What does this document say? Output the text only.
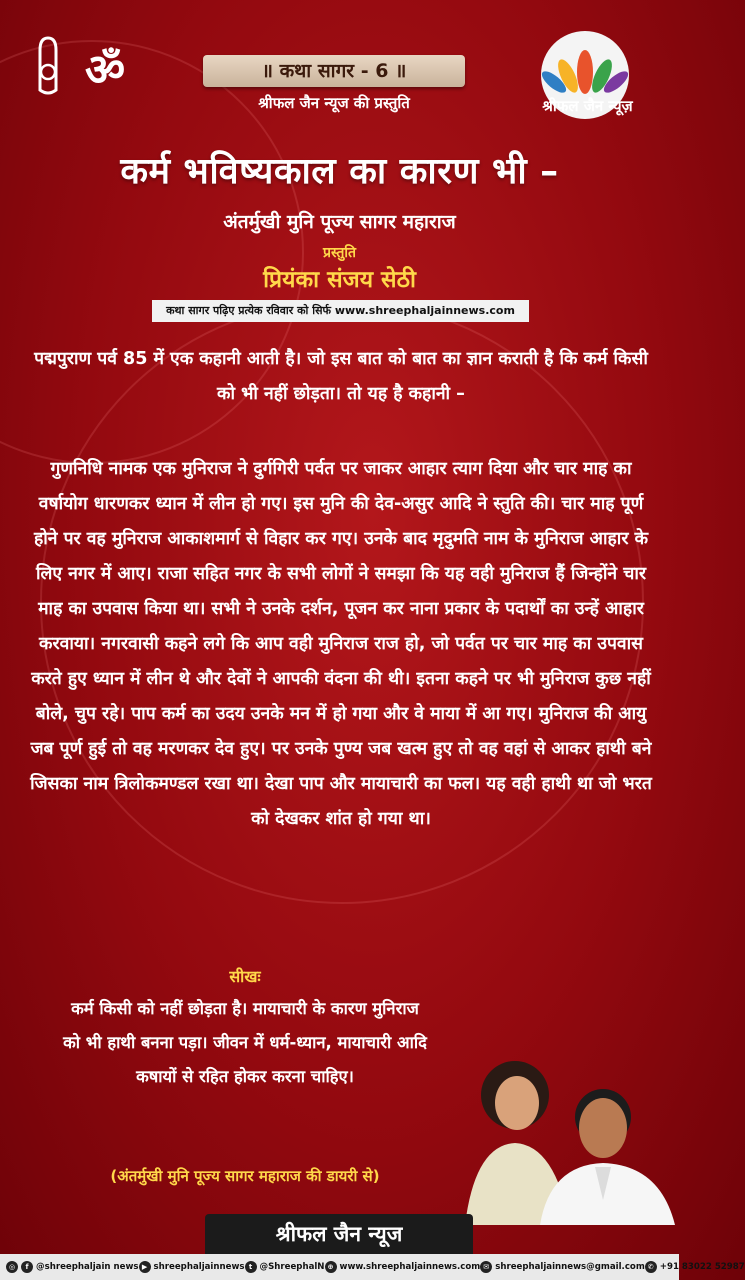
ॐ	॥ कथा सागर - 6 ॥
श्रीफल जैन न्यूज की प्रस्तुति	श्रीफल जैन न्यूज़
कर्म भविष्यकाल का कारण भी –
अंतर्मुखी मुनि पूज्य सागर महाराज
प्रस्तुति
प्रियंका संजय सेठी
कथा सागर पढ़िए प्रत्येक रविवार को सिर्फ www.shreephaljainnews.com
पद्मपुराण पर्व 85 में एक कहानी आती है। जो इस बात को बात का ज्ञान कराती है कि कर्म किसी को भी नहीं छोड़ता। तो यह है कहानी –
गुणनिधि नामक एक मुनिराज ने दुर्गगिरी पर्वत पर जाकर आहार त्याग दिया और चार माह का वर्षायोग धारणकर ध्यान में लीन हो गए। इस मुनि की देव-असुर आदि ने स्तुति की। चार माह पूर्ण होने पर वह मुनिराज आकाशमार्ग से विहार कर गए। उनके बाद मृदुमति नाम के मुनिराज आहार के लिए नगर में आए। राजा सहित नगर के सभी लोगों ने समझा कि यह वही मुनिराज हैं जिन्होंने चार माह का उपवास किया था। सभी ने उनके दर्शन, पूजन कर नाना प्रकार के पदार्थों का उन्हें आहार करवाया। नगरवासी कहने लगे कि आप वही मुनिराज राज हो, जो पर्वत पर चार माह का उपवास करते हुए ध्यान में लीन थे और देवों ने आपकी वंदना की थी। इतना कहने पर भी मुनिराज कुछ नहीं बोले, चुप रहे। पाप कर्म का उदय उनके मन में हो गया और वे माया में आ गए। मुनिराज की आयु जब पूर्ण हुई तो वह मरणकर देव हुए। पर उनके पुण्य जब खत्म हुए तो वह वहां से आकर हाथी बने जिसका नाम त्रिलोकमण्डल रखा था। देखा पाप और मायाचारी का फल। यह वही हाथी था जो भरत को देखकर शांत हो गया था।
सीखः
कर्म किसी को नहीं छोड़ता है। मायाचारी के कारण मुनिराज को भी हाथी बनना पड़ा। जीवन में धर्म-ध्यान, मायाचारी आदि कषायों से रहित होकर करना चाहिए।
(अंतर्मुखी मुनि पूज्य सागर महाराज की डायरी से)
श्रीफल जैन न्यूज
◎	f @shreephaljain news ▶ shreephaljainnews t @ShreephalN ⊕ www.shreephaljainnews.com ✉ shreephaljainnews@gmail.com ✆ +91 83022 52987
